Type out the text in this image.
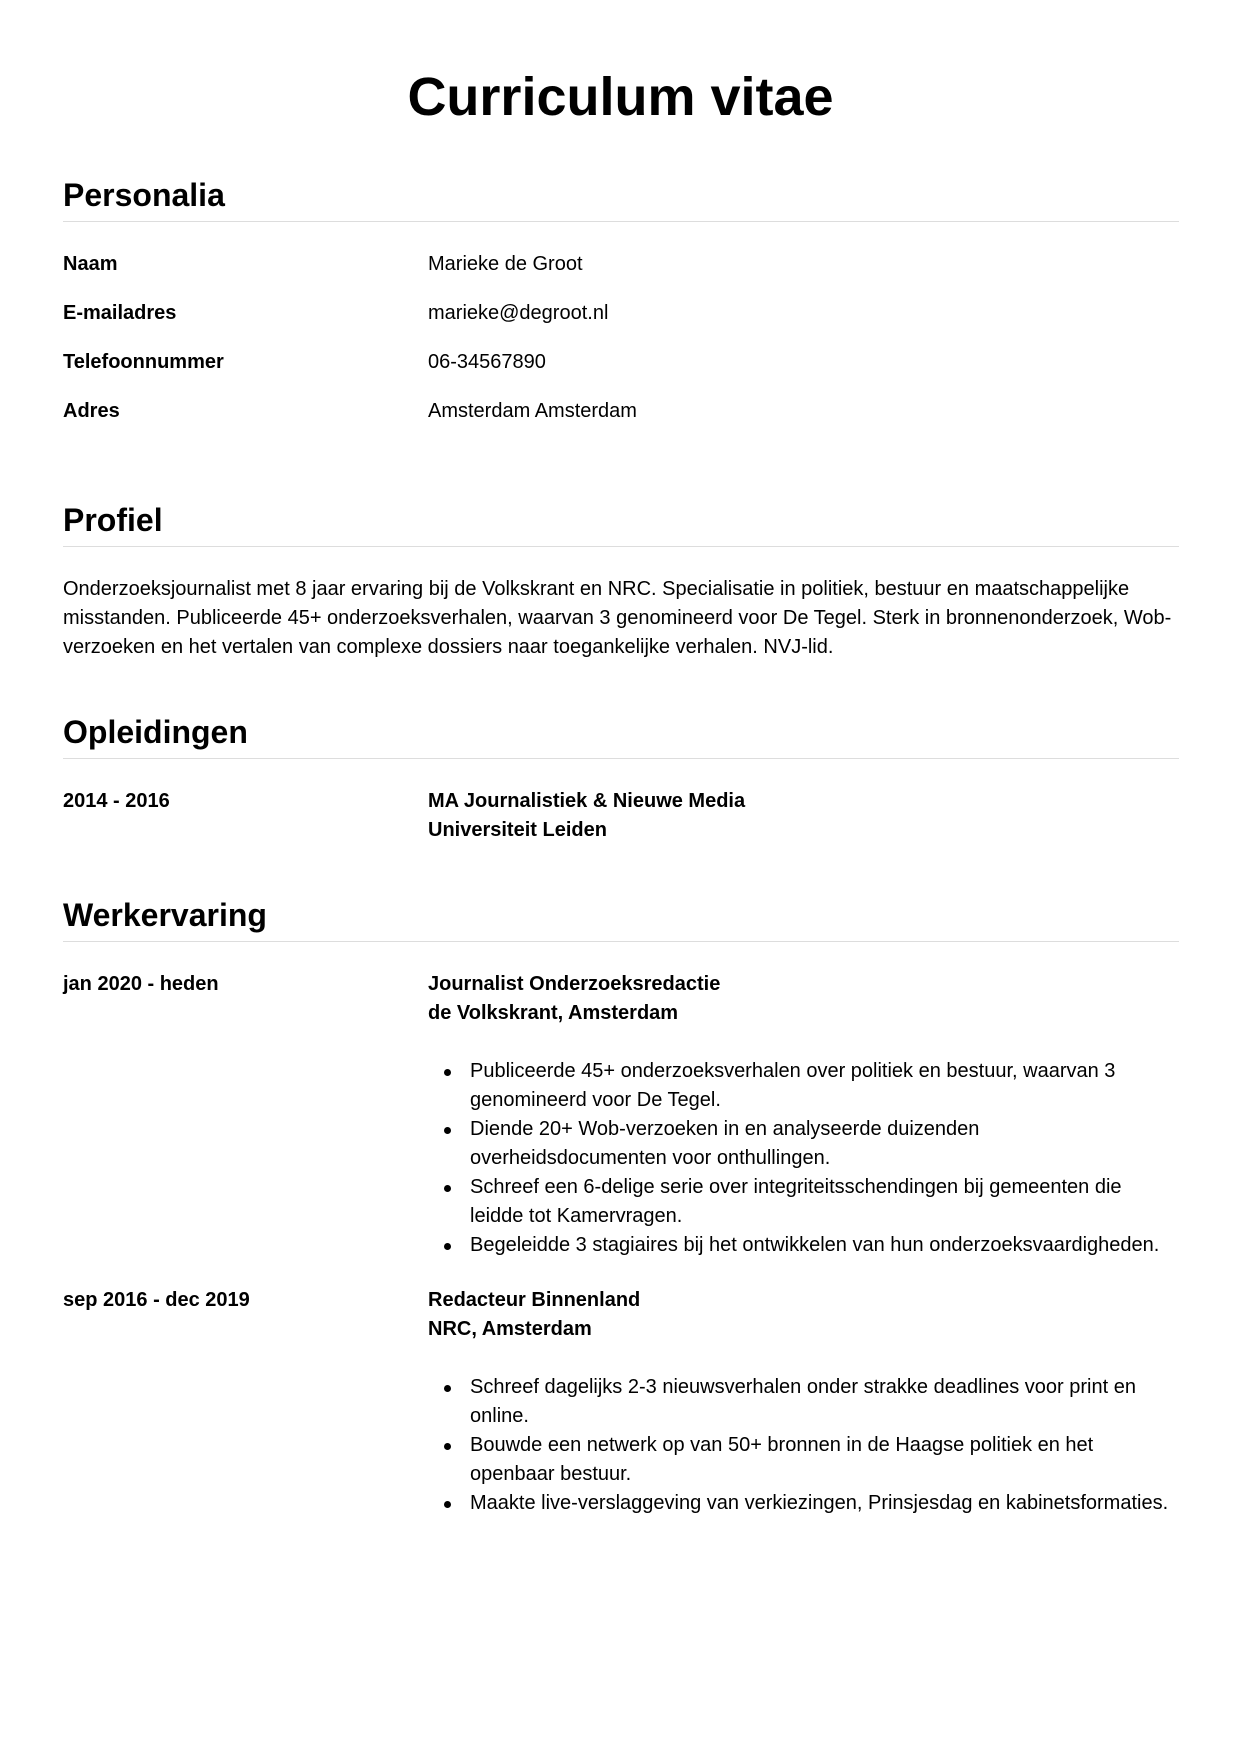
Curriculum vitae
Personalia
Naam	Marieke de Groot
E-mailadres	marieke@degroot.nl
Telefoonnummer	06-34567890
Adres	Amsterdam Amsterdam
Profiel

Onderzoeksjournalist met 8 jaar ervaring bij de Volkskrant en NRC. Specialisatie in politiek, bestuur en maatschappelijke misstanden. Publiceerde 45+ onderzoeksverhalen, waarvan 3 genomineerd voor De Tegel. Sterk in bronnenonderzoek, Wob-verzoeken en het vertalen van complexe dossiers naar toegankelijke verhalen. NVJ-lid.

Opleidingen
2014 - 2016	MA Journalistiek & Nieuwe Media
Universiteit Leiden
Werkervaring
jan 2020 - heden	Journalist Onderzoeksredactie
de Volkskrant, Amsterdam
Publiceerde 45+ onderzoeksverhalen over politiek en bestuur, waarvan 3 genomineerd voor De Tegel.
Diende 20+ Wob-verzoeken in en analyseerde duizenden overheidsdocumenten voor onthullingen.
Schreef een 6-delige serie over integriteitsschendingen bij gemeenten die leidde tot Kamervragen.
Begeleidde 3 stagiaires bij het ontwikkelen van hun onderzoeksvaardigheden.
sep 2016 - dec 2019	Redacteur Binnenland
NRC, Amsterdam
Schreef dagelijks 2-3 nieuwsverhalen onder strakke deadlines voor print en online.
Bouwde een netwerk op van 50+ bronnen in de Haagse politiek en het openbaar bestuur.
Maakte live-verslaggeving van verkiezingen, Prinsjesdag en kabinetsformaties.
